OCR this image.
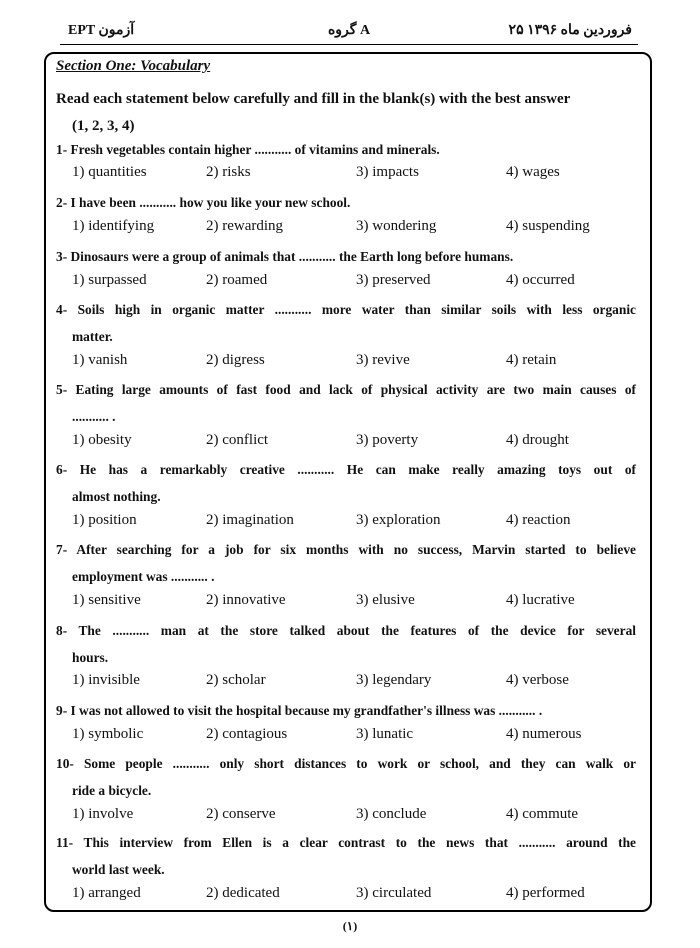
EPT آزمون	گروه A	۲۵ فروردین ماه ۱۳۹۶
Section One: Vocabulary
Read each statement below carefully and fill in the blank(s) with the best answer
(1, 2, 3, 4)
1- Fresh vegetables contain higher ........... of vitamins and minerals.
1) quantities	2) risks	3) impacts	4) wages
2- I have been ........... how you like your new school.
1) identifying	2) rewarding	3) wondering	4) suspending
3- Dinosaurs were a group of animals that ........... the Earth long before humans.
1) surpassed	2) roamed	3) preserved	4) occurred
4- Soils high in organic matter ........... more water than similar soils with less organic
matter.
1) vanish	2) digress	3) revive	4) retain
5- Eating large amounts of fast food and lack of physical activity are two main causes of
........... .
1) obesity	2) conflict	3) poverty	4) drought
6- He has a remarkably creative ........... He can make really amazing toys out of
almost nothing.
1) position	2) imagination	3) exploration	4) reaction
7- After searching for a job for six months with no success, Marvin started to believe
employment was ........... .
1) sensitive	2) innovative	3) elusive	4) lucrative
8- The ........... man at the store talked about the features of the device for several
hours.
1) invisible	2) scholar	3) legendary	4) verbose
9- I was not allowed to visit the hospital because my grandfather's illness was ........... .
1) symbolic	2) contagious	3) lunatic	4) numerous
10- Some people ........... only short distances to work or school, and they can walk or
ride a bicycle.
1) involve	2) conserve	3) conclude	4) commute
11- This interview from Ellen is a clear contrast to the news that ........... around the
world last week.
1) arranged	2) dedicated	3) circulated	4) performed
(۱)
